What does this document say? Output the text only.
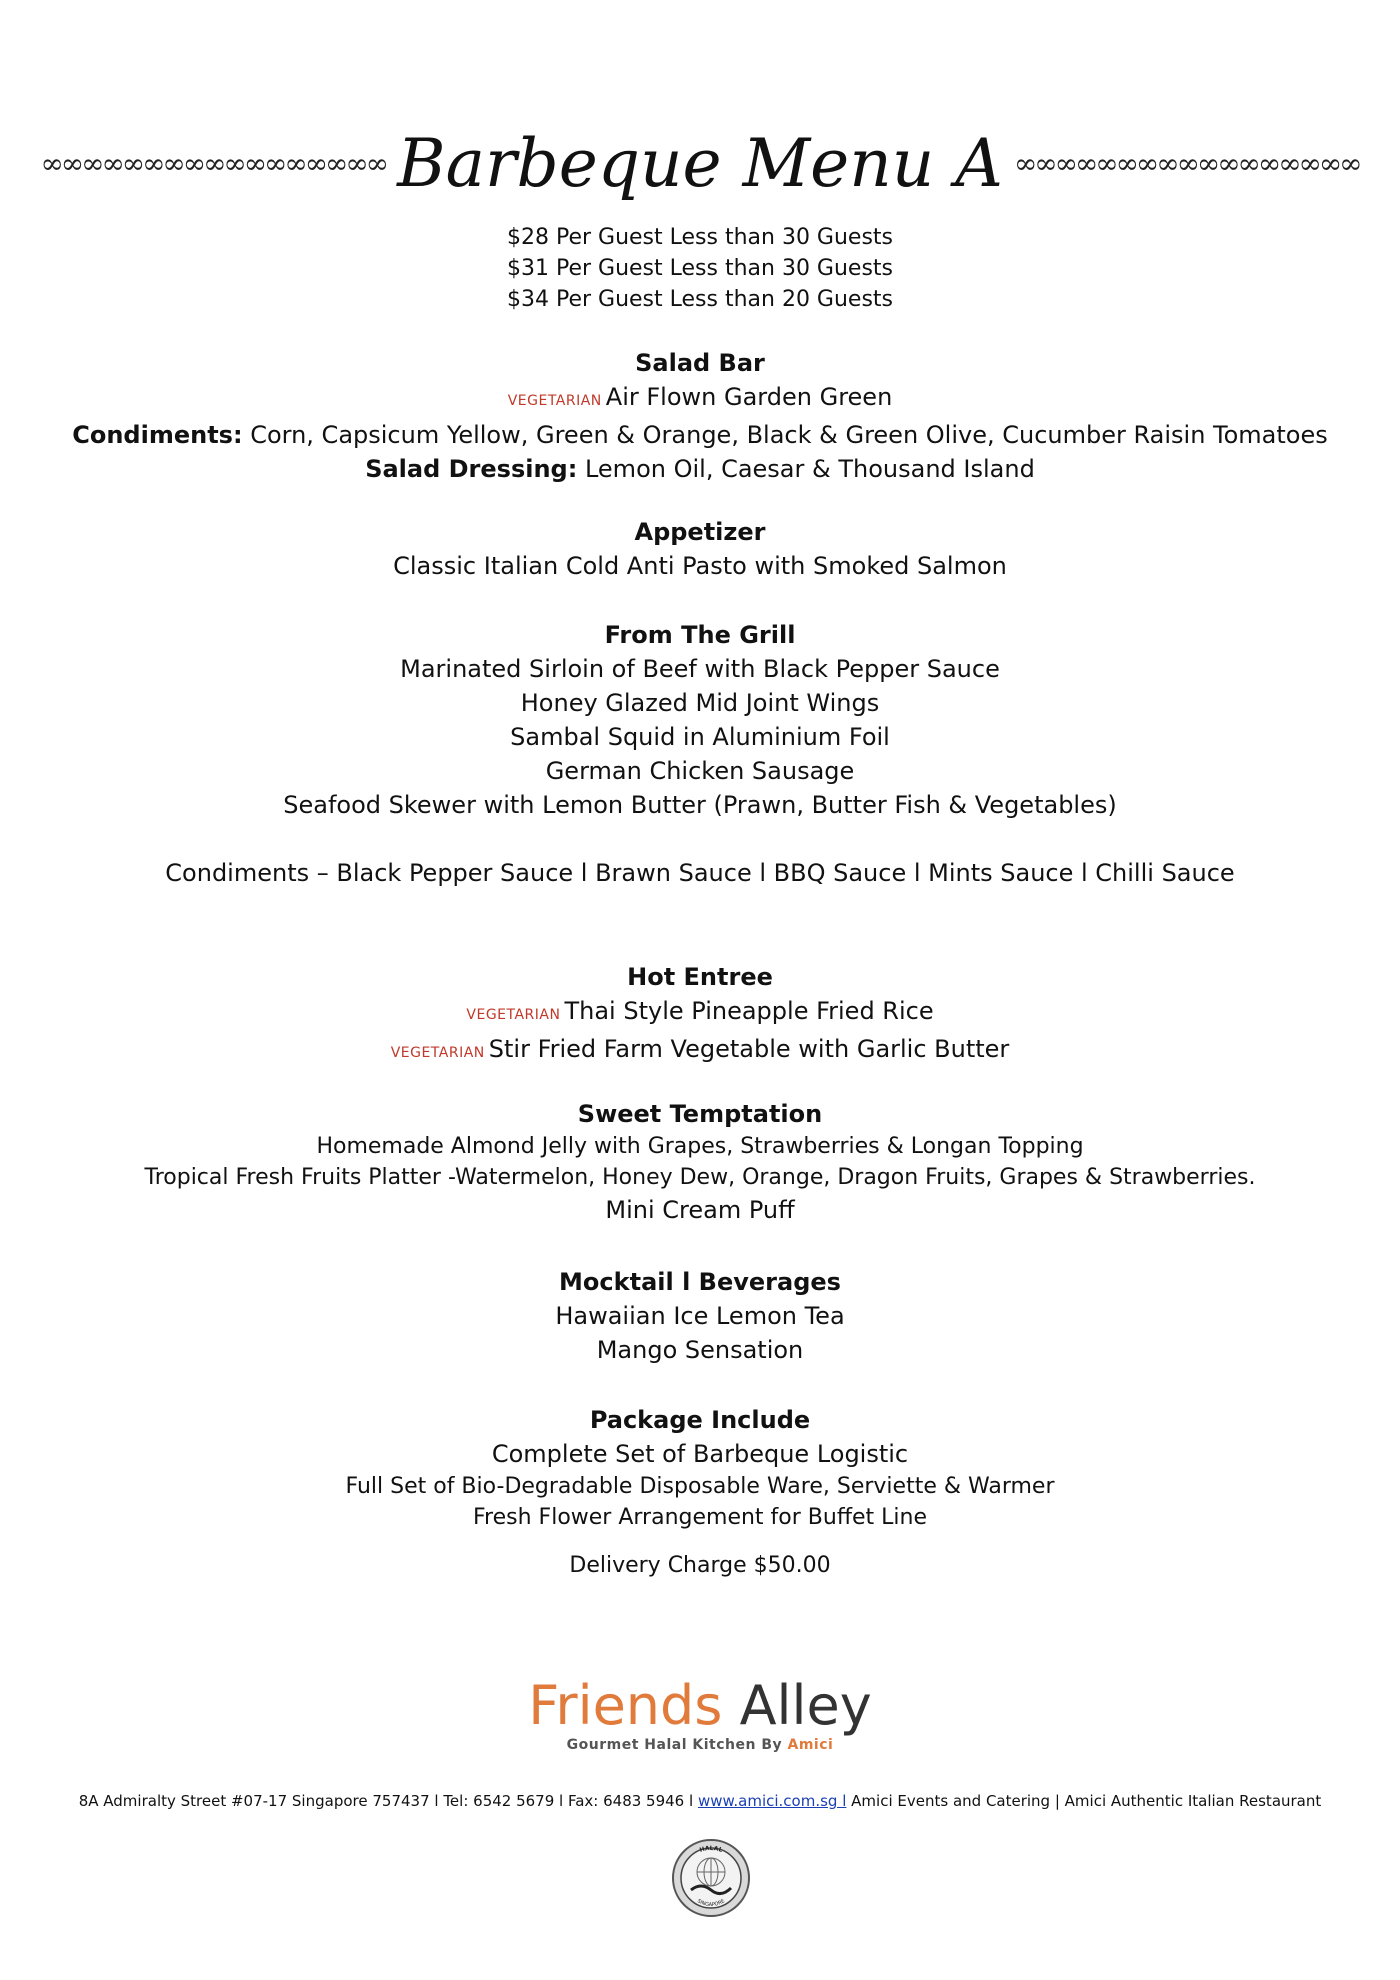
∞∞∞∞∞∞∞∞∞∞∞∞∞∞∞∞∞ Barbeque Menu A ∞∞∞∞∞∞∞∞∞∞∞∞∞∞∞∞∞
$28 Per Guest Less than 30 Guests
$31 Per Guest Less than 30 Guests
$34 Per Guest Less than 20 Guests
Salad Bar
VEGETARIAN Air Flown Garden Green
Condiments: Corn, Capsicum Yellow, Green & Orange, Black & Green Olive, Cucumber Raisin Tomatoes
Salad Dressing: Lemon Oil, Caesar & Thousand Island
Appetizer
Classic Italian Cold Anti Pasto with Smoked Salmon
From The Grill
Marinated Sirloin of Beef with Black Pepper Sauce
Honey Glazed Mid Joint Wings
Sambal Squid in Aluminium Foil
German Chicken Sausage
Seafood Skewer with Lemon Butter (Prawn, Butter Fish & Vegetables)
Condiments – Black Pepper Sauce l Brawn Sauce l BBQ Sauce l Mints Sauce l Chilli Sauce
Hot Entree
VEGETARIAN Thai Style Pineapple Fried Rice
VEGETARIAN Stir Fried Farm Vegetable with Garlic Butter
Sweet Temptation
Homemade Almond Jelly with Grapes, Strawberries & Longan Topping
Tropical Fresh Fruits Platter -Watermelon, Honey Dew, Orange, Dragon Fruits, Grapes & Strawberries.
Mini Cream Puff
Mocktail l Beverages
Hawaiian Ice Lemon Tea
Mango Sensation
Package Include
Complete Set of Barbeque Logistic
Full Set of Bio-Degradable Disposable Ware, Serviette & Warmer
Fresh Flower Arrangement for Buffet Line
Delivery Charge $50.00
Friends Alley
Gourmet Halal Kitchen By Amici
8A Admiralty Street #07-17 Singapore 757437 l Tel: 6542 5679 l Fax: 6483 5946 l www.amici.com.sg l Amici Events and Catering | Amici Authentic Italian Restaurant
HALAL
SINGAPORE
